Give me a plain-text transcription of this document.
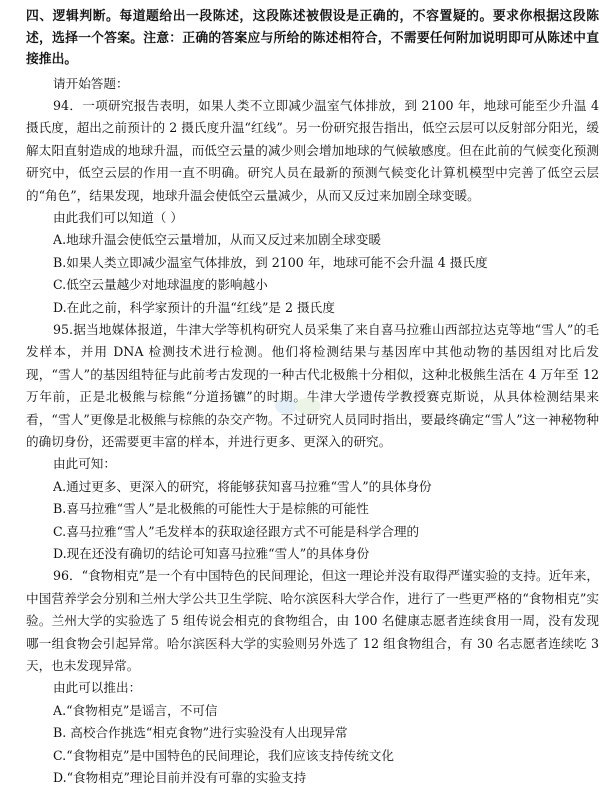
四、逻辑判断。每道题给出一段陈述，这段陈述被假设是正确的，不容置疑的。要求你根据这段陈述，选择一个答案。注意：正确的答案应与所给的陈述相符合，不需要任何附加说明即可从陈述中直接推出。

请开始答题：

94．一项研究报告表明，如果人类不立即减少温室气体排放，到 2100 年，地球可能至少升温 4 摄氏度，超出之前预计的 2 摄氏度升温“红线”。另一份研究报告指出，低空云层可以反射部分阳光，缓解太阳直射造成的地球升温，而低空云量的减少则会增加地球的气候敏感度。但在此前的气候变化预测研究中，低空云层的作用一直不明确。研究人员在最新的预测气候变化计算机模型中完善了低空云层的“角色”，结果发现，地球升温会使低空云量减少，从而又反过来加剧全球变暖。

由此我们可以知道（ ）

A.地球升温会使低空云量增加，从而又反过来加剧全球变暖

B.如果人类立即减少温室气体排放，到 2100 年，地球可能不会升温 4 摄氏度

C.低空云量越少对地球温度的影响越小

D.在此之前，科学家预计的升温“红线”是 2 摄氏度

95.据当地媒体报道，牛津大学等机构研究人员采集了来自喜马拉雅山西部拉达克等地“雪人”的毛发样本，并用 DNA 检测技术进行检测。他们将检测结果与基因库中其他动物的基因组对比后发现，“雪人”的基因组特征与此前考古发现的一种古代北极熊十分相似，这种北极熊生活在 4 万年至 12 万年前，正是北极熊与棕熊“分道扬镳”的时期。牛津大学遗传学教授赛克斯说，从具体检测结果来看，“雪人”更像是北极熊与棕熊的杂交产物。不过研究人员同时指出，要最终确定“雪人”这一神秘物种的确切身份，还需要更丰富的样本，并进行更多、更深入的研究。

由此可知：

A.通过更多、更深入的研究，将能够获知喜马拉雅“雪人”的具体身份

B.喜马拉雅“雪人”是北极熊的可能性大于是棕熊的可能性

C.喜马拉雅“雪人”毛发样本的获取途径跟方式不可能是科学合理的

D.现在还没有确切的结论可知喜马拉雅“雪人”的具体身份

96．“食物相克”是一个有中国特色的民间理论，但这一理论并没有取得严谨实验的支持。近年来，中国营养学会分别和兰州大学公共卫生学院、哈尔滨医科大学合作，进行了一些更严格的“食物相克”实验。兰州大学的实验选了 5 组传说会相克的食物组合，由 100 名健康志愿者连续食用一周，没有发现哪一组食物会引起异常。哈尔滨医科大学的实验则另外选了 12 组食物组合，有 30 名志愿者连续吃 3 天，也未发现异常。

由此可以推出：

A.“食物相克”是谣言，不可信

B. 高校合作挑选“相克食物”进行实验没有人出现异常

C.“食物相克”是中国特色的民间理论，我们应该支持传统文化

D.“食物相克”理论目前并没有可靠的实验支持
